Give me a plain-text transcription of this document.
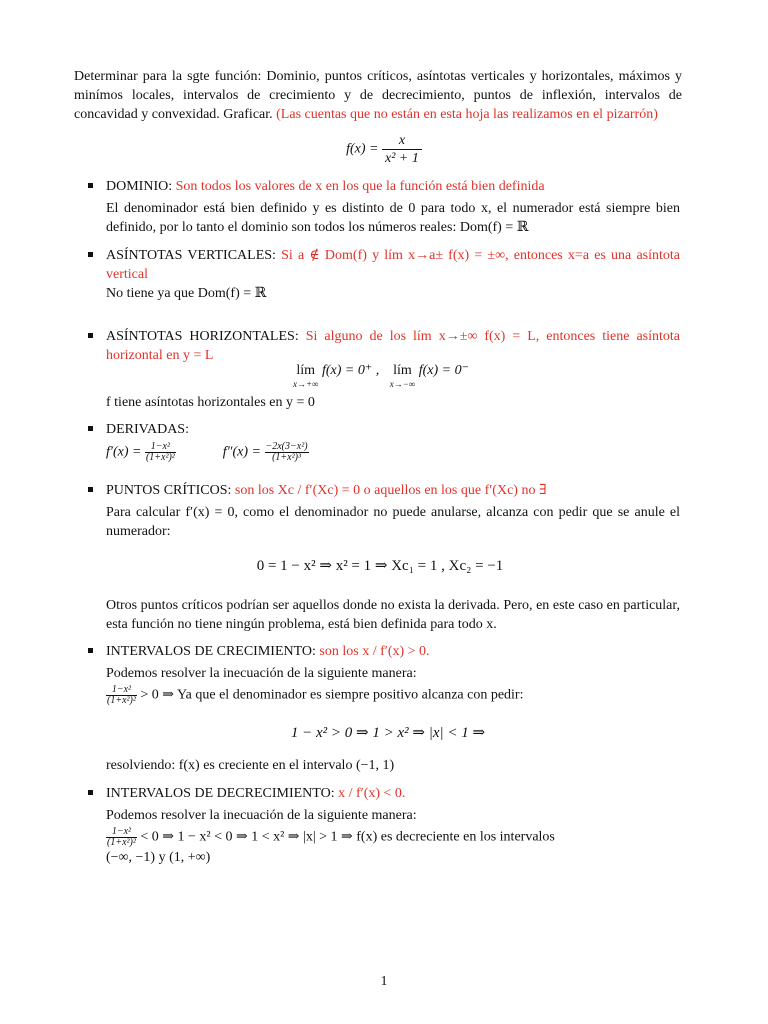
Determinar para la sgte función: Dominio, puntos críticos, asíntotas verticales y horizontales, máximos y minímos locales, intervalos de crecimiento y de decrecimiento, puntos de inflexión, intervalos de concavidad y convexidad. Graficar. (Las cuentas que no están en esta hoja las realizamos en el pizarrón)
$f(x) = \frac{x}{\text{x² + 1}}$
DOMINIO: Son todos los valores de x en los que la función está bien definida
El denominador está bien definido y es distinto de 0 para todo x, el numerador está siempre bien definido, por lo tanto el dominio son todos los números reales: Dom(f) = ℝ
ASÍNTOTAS VERTICALES: Si a ∉ Dom(f) y lím x→a± f(x) = ±∞, entonces x=a es una asíntota vertical
No tiene ya que Dom(f) = ℝ
ASÍNTOTAS HORIZONTALES: Si alguno de los lím x→±∞ f(x) = L, entonces tiene asíntota horizontal en y = L
lím
x→+∞
f(x) = 0⁺ , lím
x→−∞
f(x) = 0⁻
f tiene asíntotas horizontales en y = 0
DERIVADAS:
$f'(x) = \frac{\text{1−x²}}{\text{(1+x²)²}}$	$f''(x) = \frac{\text{−2x(3−x²)}}{\text{(1+x²)³}}$
PUNTOS CRÍTICOS: son los Xc / f′(Xc) = 0 o aquellos en los que f′(Xc) no ∃
Para calcular f′(x) = 0, como el denominador no puede anularse, alcanza con pedir que se anule el numerador:
0 = 1 − x² ⇒ x² = 1 ⇒ Xc₁ = 1 , Xc₂ = −1
Otros puntos críticos podrían ser aquellos donde no exista la derivada. Pero, en este caso en particular, esta función no tiene ningún problema, está bien definida para todo x.
INTERVALOS DE CRECIMIENTO: son los x / f′(x) > 0.
Podemos resolver la inecuación de la siguiente manera:
$\frac{\text{1−x²}}{\text{(1+x²)²}} > 0$ ⇒ Ya que el denominador es siempre positivo alcanza con pedir:
1 − x² > 0 ⇒ 1 > x² ⇒ |x| < 1 ⇒
resolviendo: f(x) es creciente en el intervalo (−1, 1)
INTERVALOS DE DECRECIMIENTO: x / f′(x) < 0.
Podemos resolver la inecuación de la siguiente manera:
$\frac{\text{1−x²}}{\text{(1+x²)²}} < 0$ ⇒ 1 − x² < 0 ⇒ 1 < x² ⇒ |x| > 1 ⇒ f(x) es decreciente en los intervalos
(−∞, −1) y (1, +∞)
1
